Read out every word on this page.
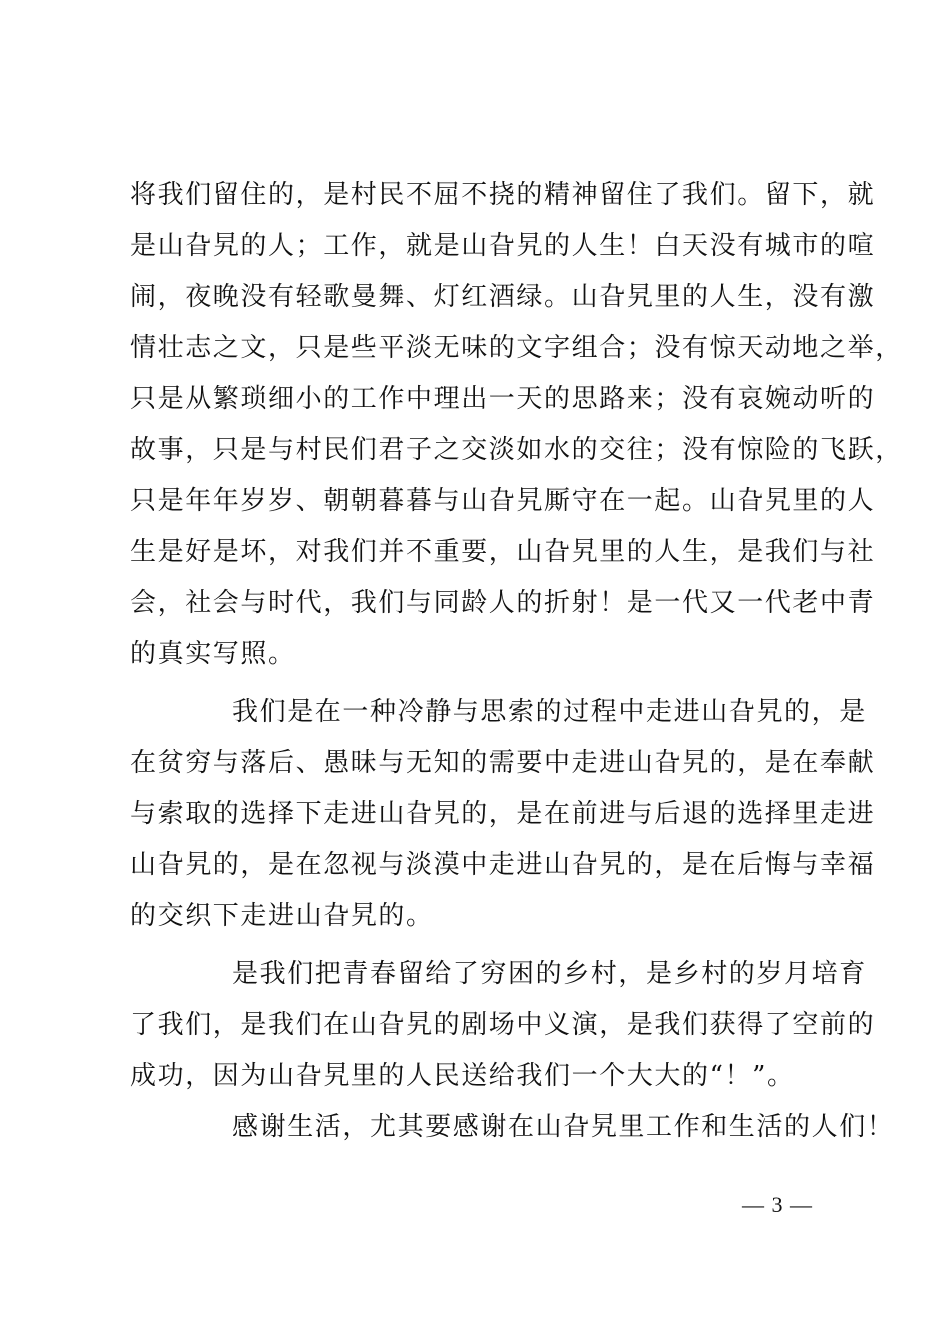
将我们留住的，是村民不屈不挠的精神留住了我们。留下，就
是山旮旯的人；工作，就是山旮旯的人生！白天没有城市的喧
闹，夜晚没有轻歌曼舞、灯红酒绿。山旮旯里的人生，没有激
情壮志之文，只是些平淡无味的文字组合；没有惊天动地之举，
只是从繁琐细小的工作中理出一天的思路来；没有哀婉动听的
故事，只是与村民们君子之交淡如水的交往；没有惊险的飞跃，
只是年年岁岁、朝朝暮暮与山旮旯厮守在一起。山旮旯里的人
生是好是坏，对我们并不重要，山旮旯里的人生，是我们与社
会，社会与时代，我们与同龄人的折射！是一代又一代老中青
的真实写照。
我们是在一种冷静与思索的过程中走进山旮旯的，是
在贫穷与落后、愚昧与无知的需要中走进山旮旯的，是在奉献
与索取的选择下走进山旮旯的，是在前进与后退的选择里走进
山旮旯的，是在忽视与淡漠中走进山旮旯的，是在后悔与幸福
的交织下走进山旮旯的。
是我们把青春留给了穷困的乡村，是乡村的岁月培育
了我们，是我们在山旮旯的剧场中义演，是我们获得了空前的
成功，因为山旮旯里的人民送给我们一个大大的“！”。
感谢生活，尤其要感谢在山旮旯里工作和生活的人们！
— 3 —
